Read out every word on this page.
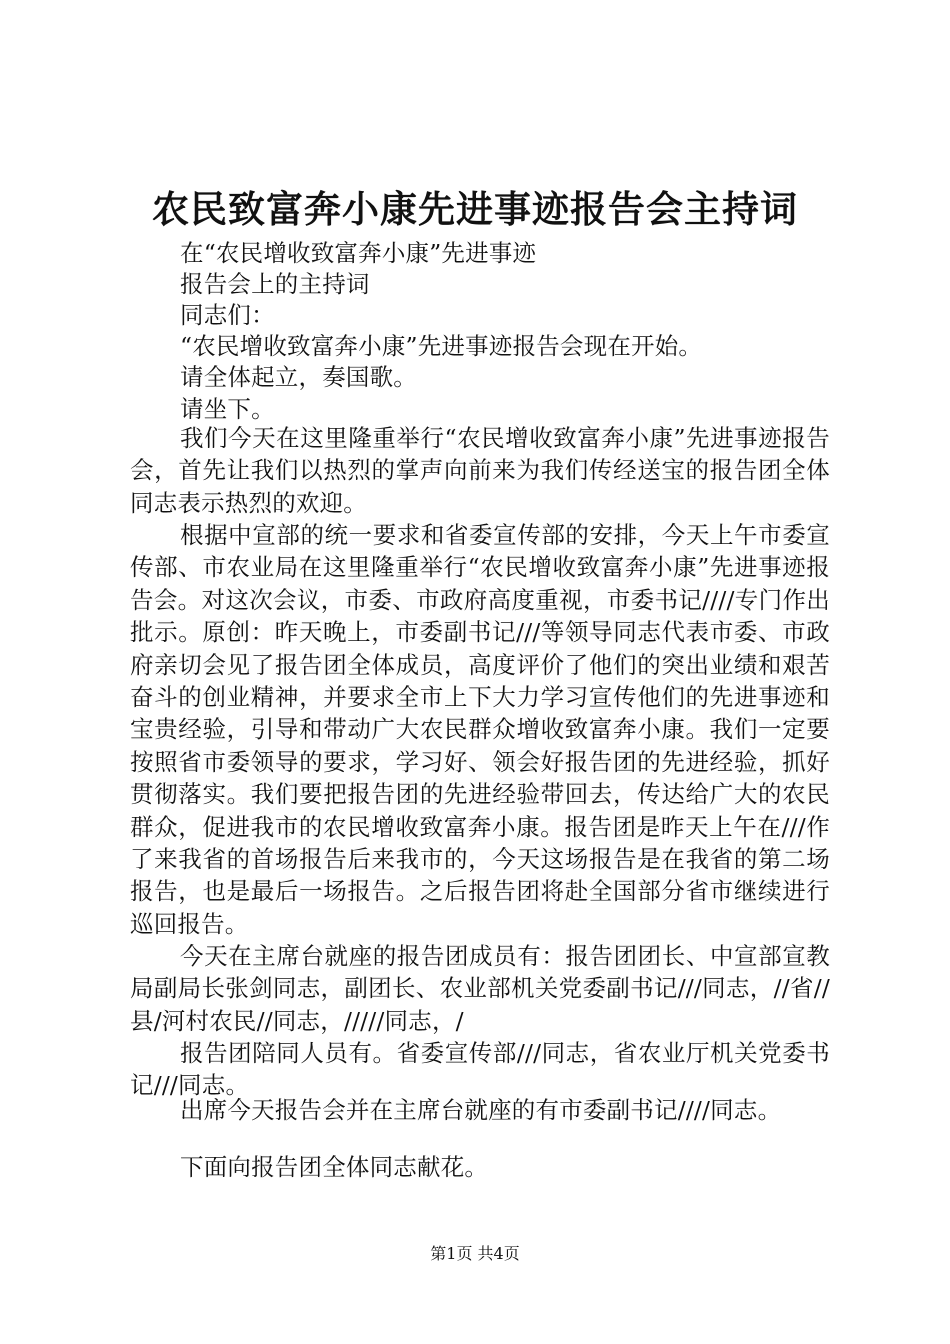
农民致富奔小康先进事迹报告会主持词
在“农民增收致富奔小康”先进事迹
报告会上的主持词
同志们：
“农民增收致富奔小康”先进事迹报告会现在开始。
请全体起立，奏国歌。
请坐下。
我们今天在这里隆重举行“农民增收致富奔小康”先进事迹报告会，首先让我们以热烈的掌声向前来为我们传经送宝的报告团全体同志表示热烈的欢迎。
根据中宣部的统一要求和省委宣传部的安排，今天上午市委宣传部、市农业局在这里隆重举行“农民增收致富奔小康”先进事迹报告会。对这次会议，市委、市政府高度重视，市委书记////专门作出批示。原创：昨天晚上，市委副书记///等领导同志代表市委、市政府亲切会见了报告团全体成员，高度评价了他们的突出业绩和艰苦奋斗的创业精神，并要求全市上下大力学习宣传他们的先进事迹和宝贵经验，引导和带动广大农民群众增收致富奔小康。我们一定要按照省市委领导的要求，学习好、领会好报告团的先进经验，抓好贯彻落实。我们要把报告团的先进经验带回去，传达给广大的农民群众，促进我市的农民增收致富奔小康。报告团是昨天上午在///作了来我省的首场报告后来我市的，今天这场报告是在我省的第二场报告，也是最后一场报告。之后报告团将赴全国部分省市继续进行巡回报告。
今天在主席台就座的报告团成员有：报告团团长、中宣部宣教局副局长张剑同志，副团长、农业部机关党委副书记///同志，//省//县/河村农民//同志，/////同志，/
报告团陪同人员有。省委宣传部///同志，省农业厅机关党委书记///同志。
出席今天报告会并在主席台就座的有市委副书记////同志。
下面向报告团全体同志献花。
第1页 共4页
